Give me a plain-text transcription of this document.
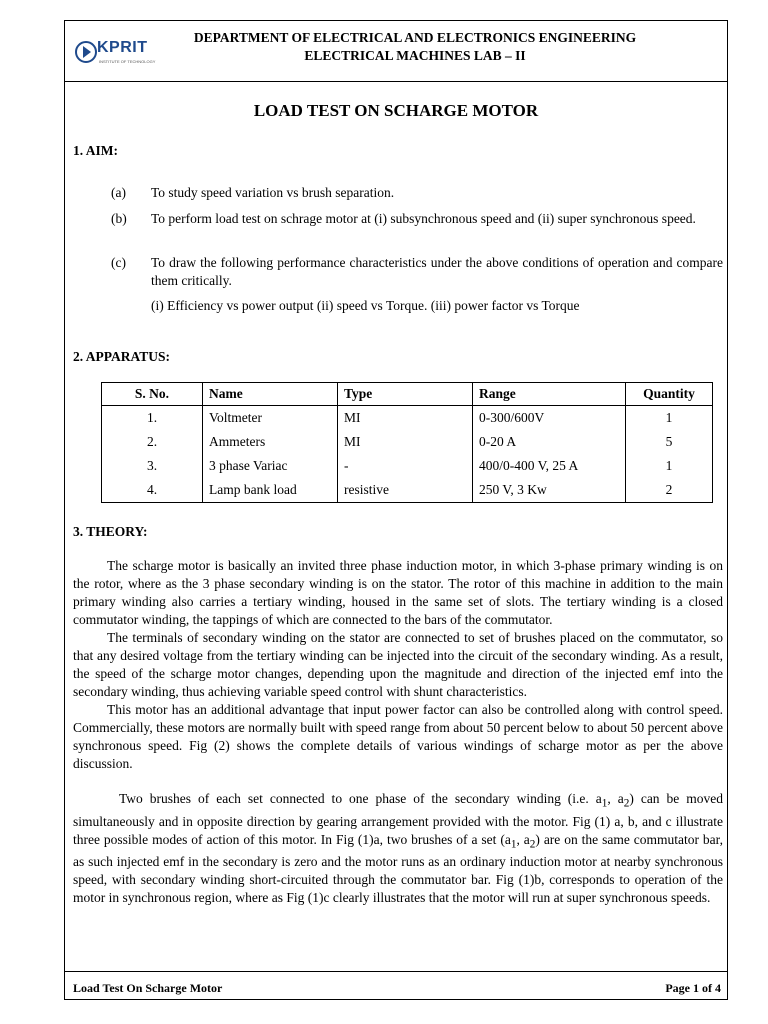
KPRIT
INSTITUTE OF TECHNOLOGY
DEPARTMENT OF ELECTRICAL AND ELECTRONICS ENGINEERING
ELECTRICAL MACHINES LAB – II
LOAD TEST ON SCHARGE MOTOR
1. AIM:
(a)	To study speed variation vs brush separation.
(b)	To perform load test on schrage motor at (i) subsynchronous speed and (ii) super synchronous speed.
(c)	To draw the following performance characteristics under the above conditions of operation and compare them critically.
(i) Efficiency vs power output (ii) speed vs Torque. (iii) power factor vs Torque
2. APPARATUS:
S. No.	Name	Type	Range	Quantity
1.	Voltmeter	MI	0-300/600V	1
2.	Ammeters	MI	0-20 A	5
3.	3 phase Variac	-	400/0-400 V, 25 A	1
4.	Lamp bank load	resistive	250 V, 3 Kw	2
3. THEORY:

The scharge motor is basically an invited three phase induction motor, in which 3-phase primary winding is on the rotor, where as the 3 phase secondary winding is on the stator. The rotor of this machine in addition to the main primary winding also carries a tertiary winding, housed in the same set of slots. The tertiary winding is a closed commutator winding, the tappings of which are connected to the bars of the commutator.

The terminals of secondary winding on the stator are connected to set of brushes placed on the commutator, so that any desired voltage from the tertiary winding can be injected into the circuit of the secondary winding. As a result, the speed of the scharge motor changes, depending upon the magnitude and direction of the injected emf into the secondary winding, thus achieving variable speed control with shunt characteristics.

This motor has an additional advantage that input power factor can also be controlled along with control speed. Commercially, these motors are normally built with speed range from about 50 percent below to about 50 percent above synchronous speed. Fig (2) shows the complete details of various windings of scharge motor as per the above discussion.

Two brushes of each set connected to one phase of the secondary winding (i.e. $a_1$, $a_2$) can be moved simultaneously and in opposite direction by gearing arrangement provided with the motor. Fig (1) a, b, and c illustrate three possible modes of action of this motor. In Fig (1)a, two brushes of a set ($a_1$, $a_2$) are on the same commutator bar, as such injected emf in the secondary is zero and the motor runs as an ordinary induction motor at nearby synchronous speed, with secondary winding short-circuited through the commutator bar. Fig (1)b, corresponds to operation of the motor in synchronous region, where as Fig (1)c clearly illustrates that the motor will run at super synchronous speeds.

Load Test On Scharge Motor	Page 1 of 4
